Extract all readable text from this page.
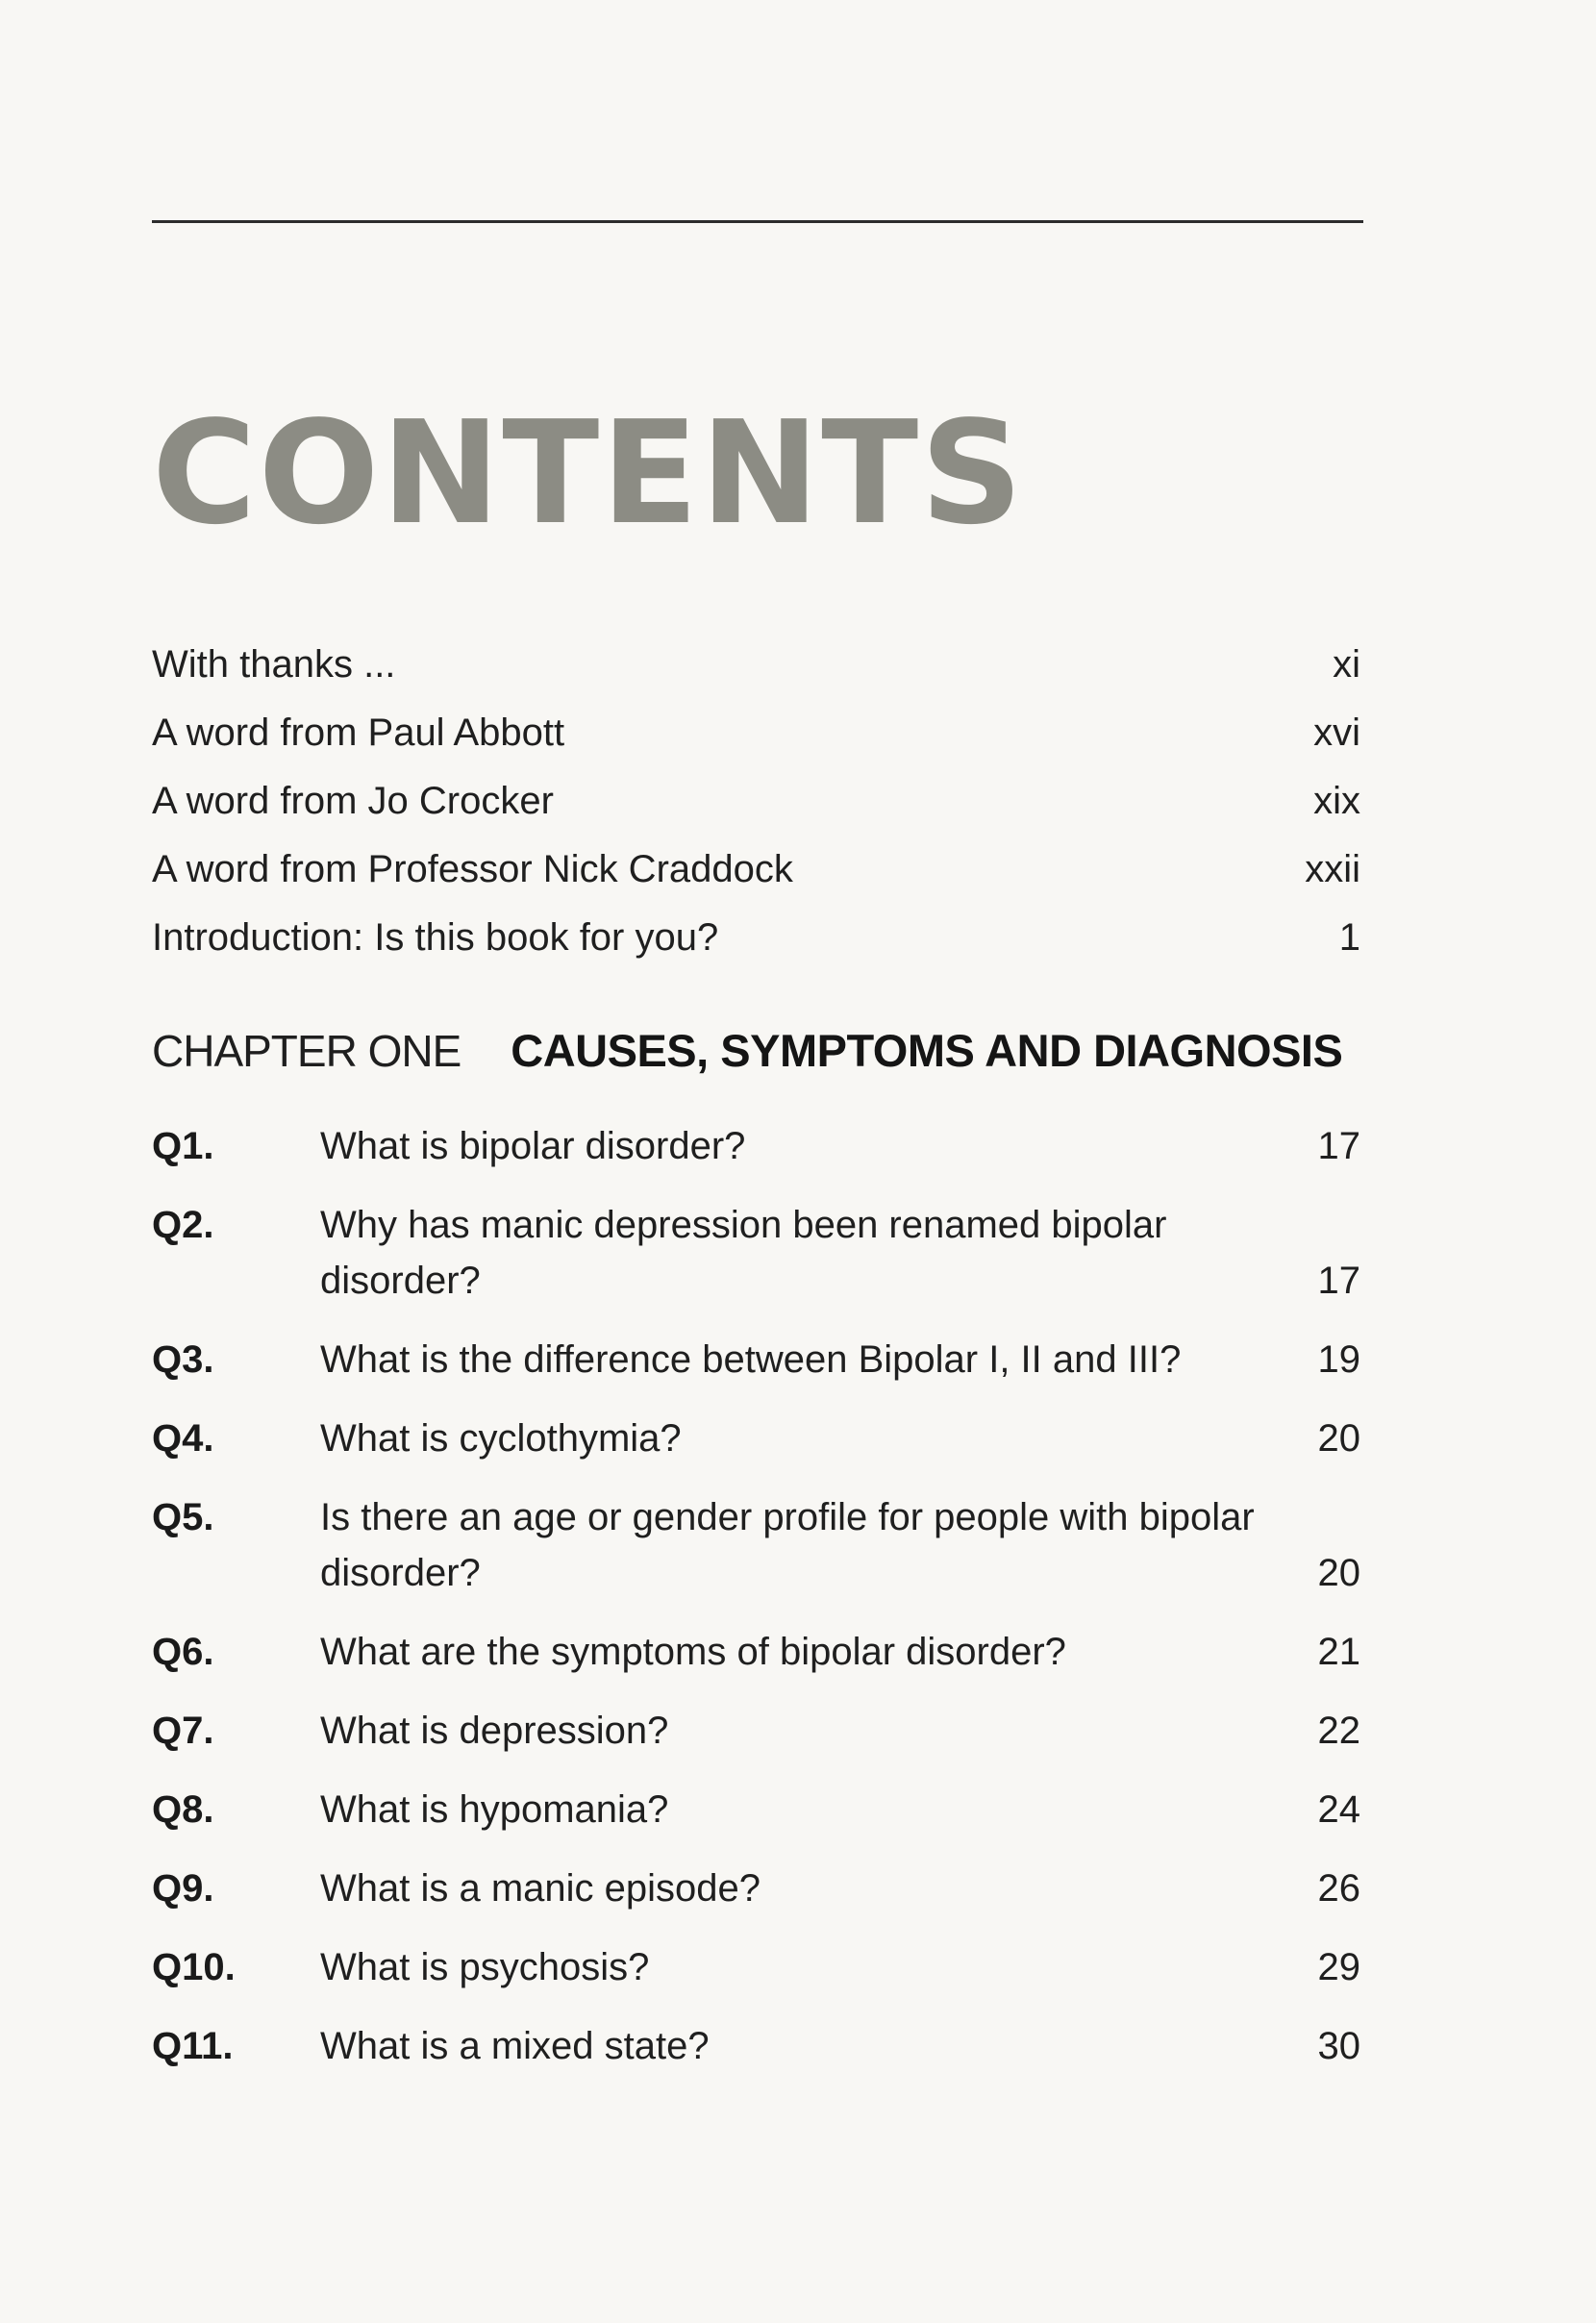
CONTENTS
With thanks ...	xi
A word from Paul Abbott	xvi
A word from Jo Crocker	xix
A word from Professor Nick Craddock	xxii
Introduction: Is this book for you?	1
CHAPTER ONE CAUSES, SYMPTOMS AND DIAGNOSIS
Q1.	What is bipolar disorder?	17
Q2.	Why has manic depression been renamed bipolar disorder?	17
Q3.	What is the difference between Bipolar I, II and III?	19
Q4.	What is cyclothymia?	20
Q5.	Is there an age or gender profile for people with bipolar disorder?	20
Q6.	What are the symptoms of bipolar disorder?	21
Q7.	What is depression?	22
Q8.	What is hypomania?	24
Q9.	What is a manic episode?	26
Q10.	What is psychosis?	29
Q11.	What is a mixed state?	30
